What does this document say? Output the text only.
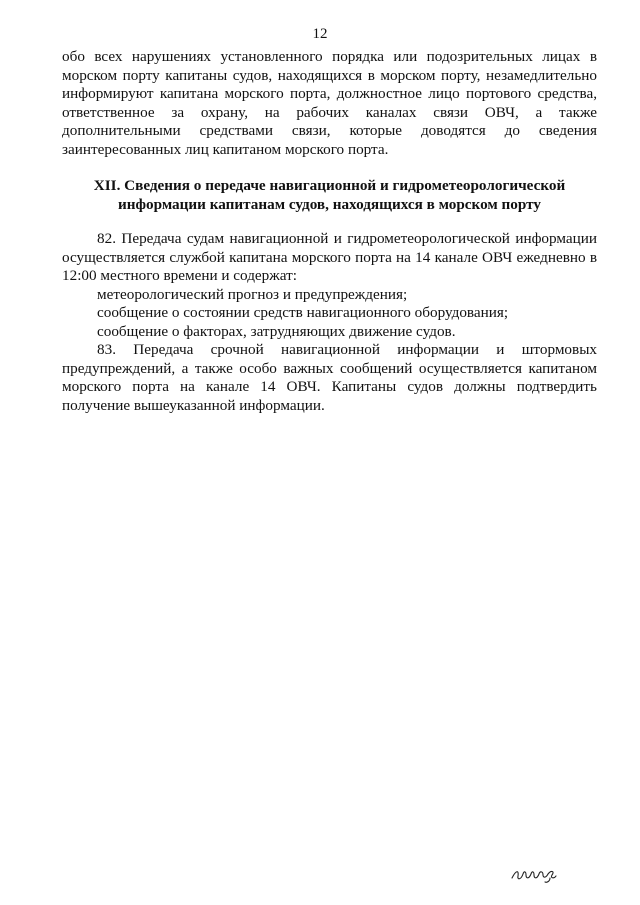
12

обо всех нарушениях установленного порядка или подозрительных лицах в морском порту капитаны судов, находящихся в морском порту, незамедлительно информируют капитана морского порта, должностное лицо портового средства, ответственное за охрану, на рабочих каналах связи ОВЧ, а также дополнительными средствами связи, которые доводятся до сведения заинтересованных лиц капитаном морского порта.

XII. Сведения о передаче навигационной и гидрометеорологической
информации капитанам судов, находящихся в морском порту

82. Передача судам навигационной и гидрометеорологической информации осуществляется службой капитана морского порта на 14 канале ОВЧ ежедневно в 12:00 местного времени и содержат:

метеорологический прогноз и предупреждения;

сообщение о состоянии средств навигационного оборудования;

сообщение о факторах, затрудняющих движение судов.

83. Передача срочной навигационной информации и штормовых предупреждений, а также особо важных сообщений осуществляется капитаном морского порта на канале 14 ОВЧ. Капитаны судов должны подтвердить получение вышеуказанной информации.
